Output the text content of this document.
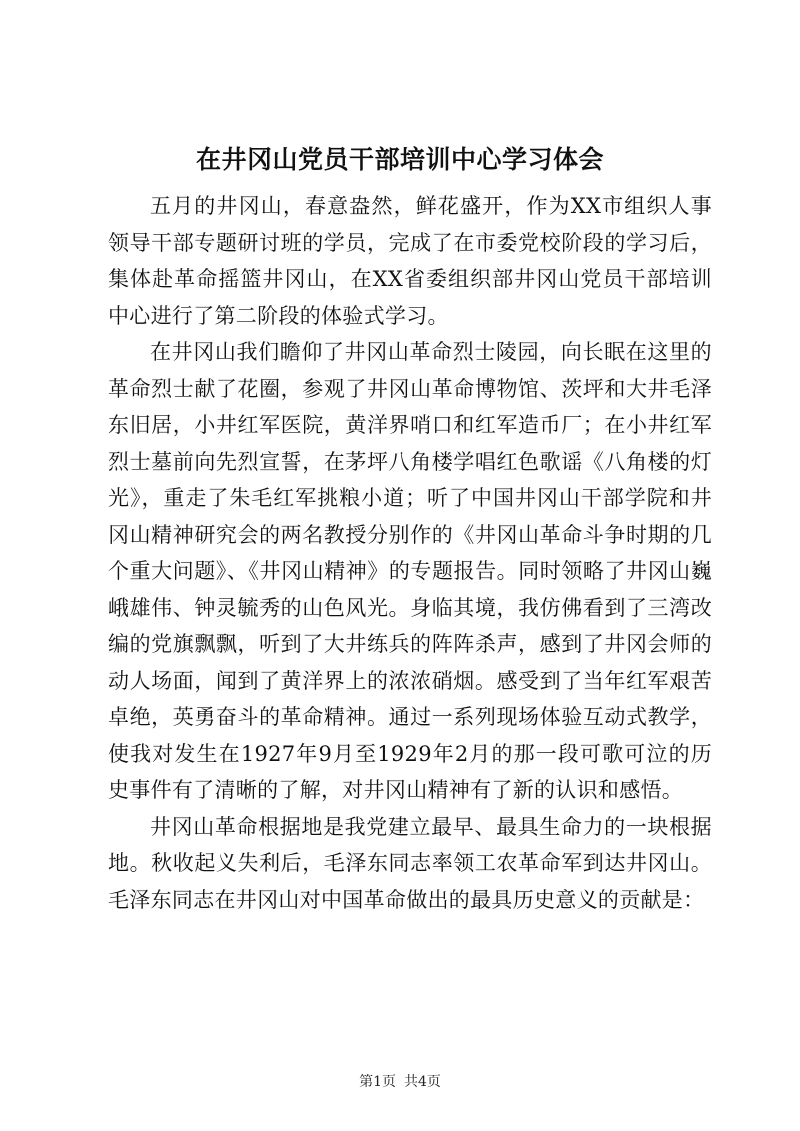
在井冈山党员干部培训中心学习体会

五月的井冈山，春意盎然，鲜花盛开，作为XX市组织人事领导干部专题研讨班的学员，完成了在市委党校阶段的学习后，集体赴革命摇篮井冈山，在XX省委组织部井冈山党员干部培训中心进行了第二阶段的体验式学习。

在井冈山我们瞻仰了井冈山革命烈士陵园，向长眠在这里的革命烈士献了花圈，参观了井冈山革命博物馆、茨坪和大井毛泽东旧居，小井红军医院，黄洋界哨口和红军造币厂；在小井红军烈士墓前向先烈宣誓，在茅坪八角楼学唱红色歌谣《八角楼的灯光》，重走了朱毛红军挑粮小道；听了中国井冈山干部学院和井冈山精神研究会的两名教授分别作的《井冈山革命斗争时期的几个重大问题》、《井冈山精神》的专题报告。同时领略了井冈山巍峨雄伟、钟灵毓秀的山色风光。身临其境，我仿佛看到了三湾改编的党旗飘飘，听到了大井练兵的阵阵杀声，感到了井冈会师的动人场面，闻到了黄洋界上的浓浓硝烟。感受到了当年红军艰苦卓绝，英勇奋斗的革命精神。通过一系列现场体验互动式教学，使我对发生在1927年9月至1929年2月的那一段可歌可泣的历史事件有了清晰的了解，对井冈山精神有了新的认识和感悟。

井冈山革命根据地是我党建立最早、最具生命力的一块根据地。秋收起义失利后，毛泽东同志率领工农革命军到达井冈山。毛泽东同志在井冈山对中国革命做出的最具历史意义的贡献是：

第1页 共4页
